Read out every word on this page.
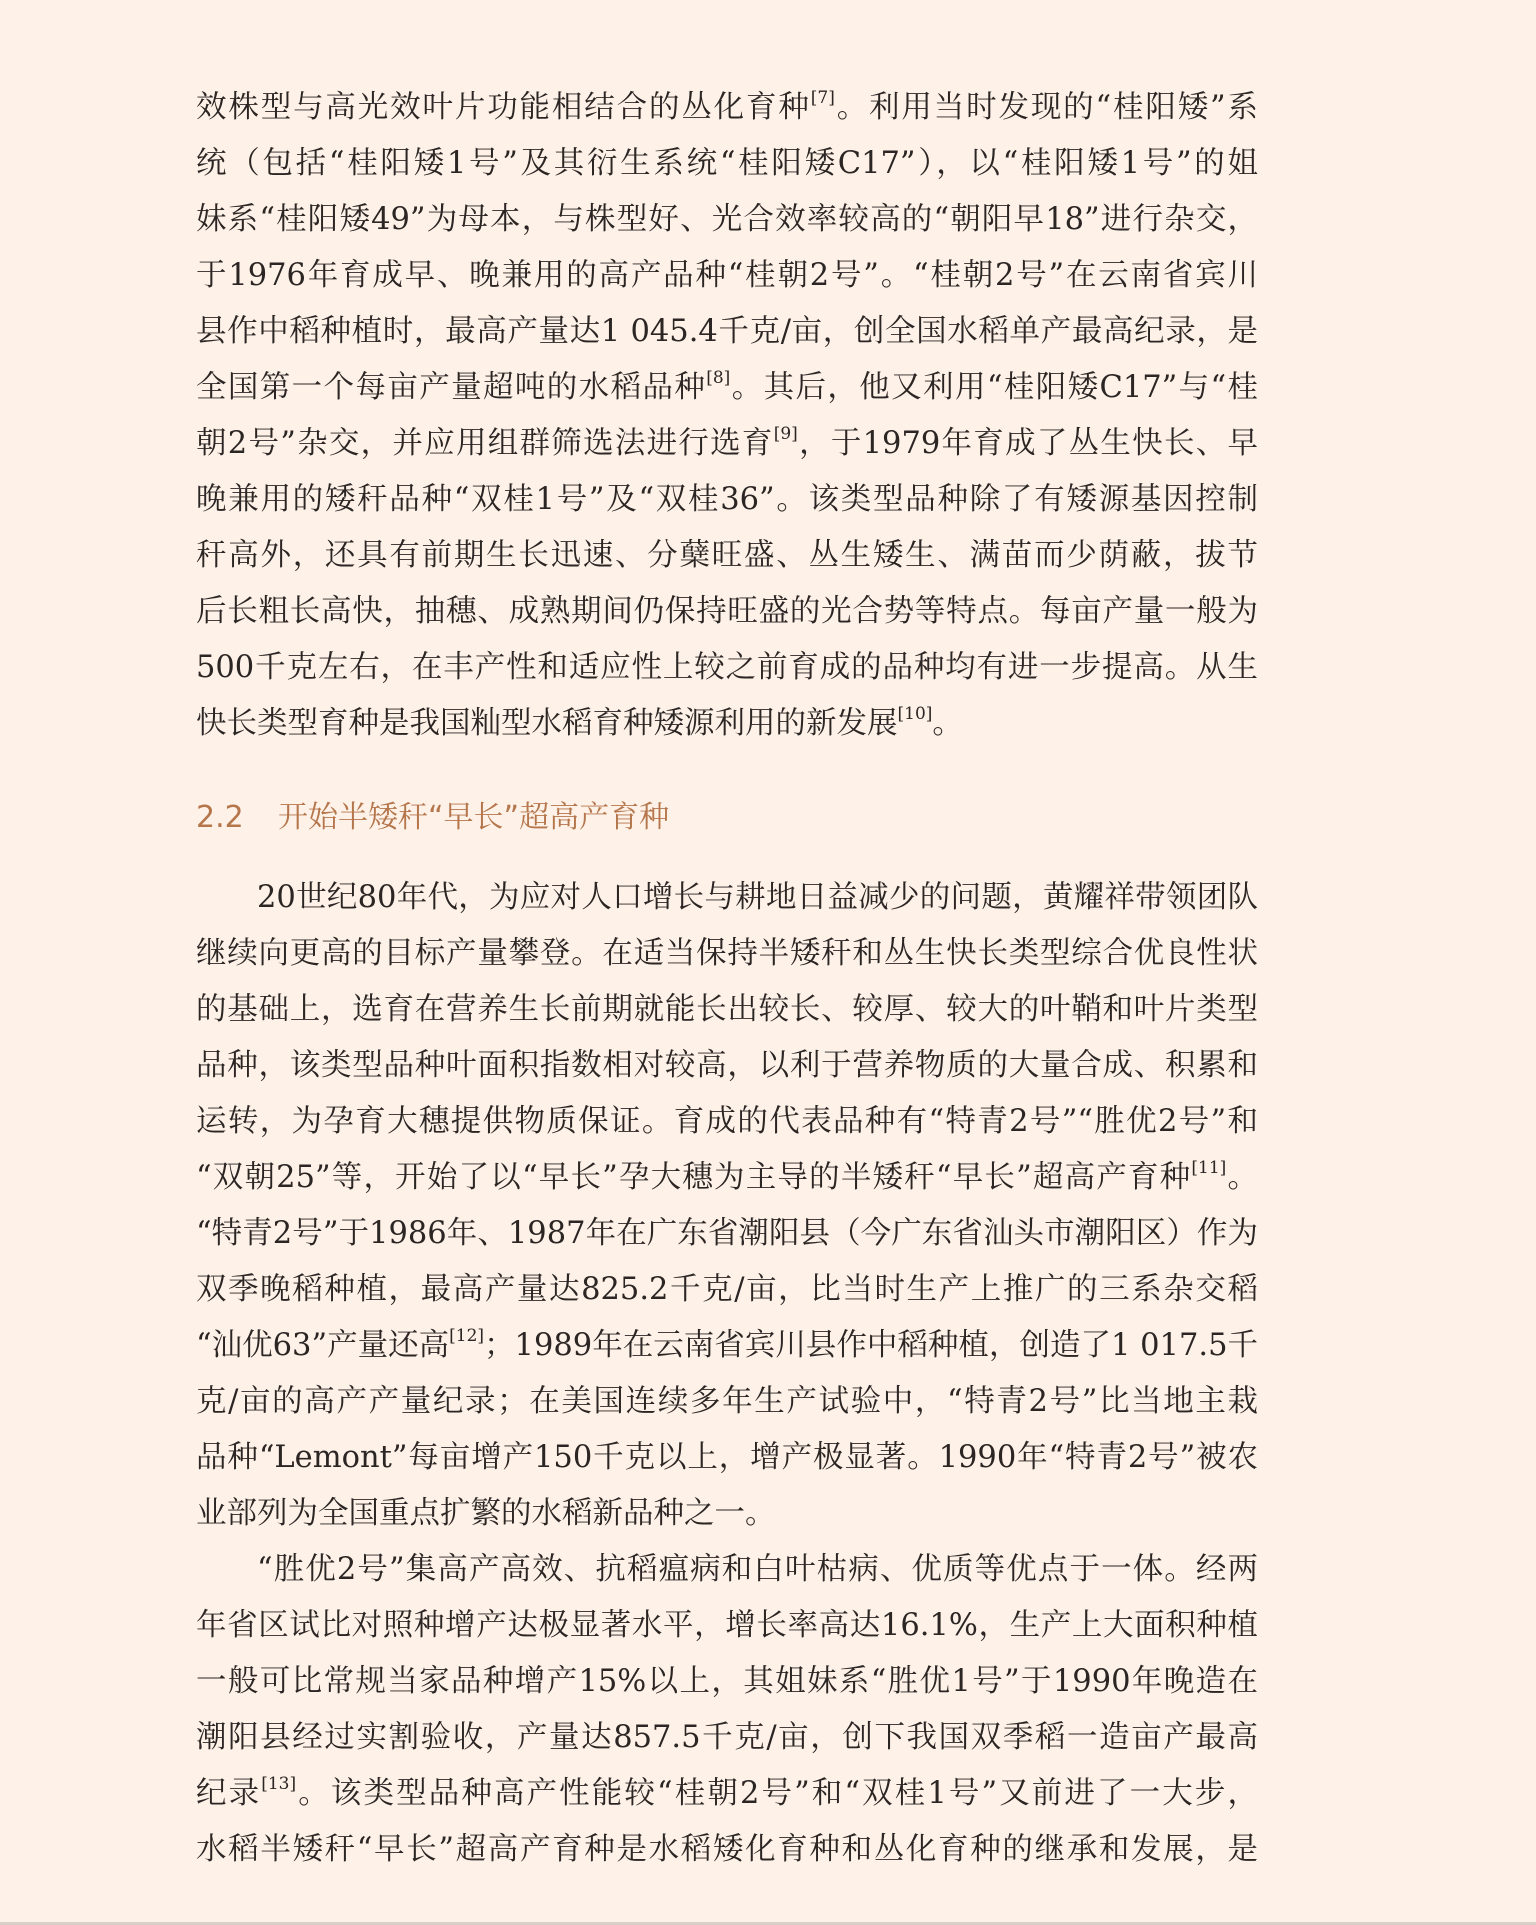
效株型与高光效叶片功能相结合的丛化育种[7]。利用当时发现的“桂阳矮”系
统（包括“桂阳矮1号”及其衍生系统“桂阳矮C17”），以“桂阳矮1号”的姐
妹系“桂阳矮49”为母本，与株型好、光合效率较高的“朝阳早18”进行杂交，
于1976年育成早、晚兼用的高产品种“桂朝2号”。“桂朝2号”在云南省宾川
县作中稻种植时，最高产量达1 045.4千克/亩，创全国水稻单产最高纪录，是
全国第一个每亩产量超吨的水稻品种[8]。其后，他又利用“桂阳矮C17”与“桂
朝2号”杂交，并应用组群筛选法进行选育[9]，于1979年育成了丛生快长、早
晚兼用的矮秆品种“双桂1号”及“双桂36”。该类型品种除了有矮源基因控制
秆高外，还具有前期生长迅速、分蘖旺盛、丛生矮生、满苗而少荫蔽，拔节
后长粗长高快，抽穗、成熟期间仍保持旺盛的光合势等特点。每亩产量一般为
500千克左右，在丰产性和适应性上较之前育成的品种均有进一步提高。从生
快长类型育种是我国籼型水稻育种矮源利用的新发展[10]。
2.2 开始半矮秆“早长”超高产育种
20世纪80年代，为应对人口增长与耕地日益减少的问题，黄耀祥带领团队
继续向更高的目标产量攀登。在适当保持半矮秆和丛生快长类型综合优良性状
的基础上，选育在营养生长前期就能长出较长、较厚、较大的叶鞘和叶片类型
品种，该类型品种叶面积指数相对较高，以利于营养物质的大量合成、积累和
运转，为孕育大穗提供物质保证。育成的代表品种有“特青2号”“胜优2号”和
“双朝25”等，开始了以“早长”孕大穗为主导的半矮秆“早长”超高产育种[11]。
“特青2号”于1986年、1987年在广东省潮阳县（今广东省汕头市潮阳区）作为
双季晚稻种植，最高产量达825.2千克/亩，比当时生产上推广的三系杂交稻
“汕优63”产量还高[12]；1989年在云南省宾川县作中稻种植，创造了1 017.5千
克/亩的高产产量纪录；在美国连续多年生产试验中，“特青2号”比当地主栽
品种“Lemont”每亩增产150千克以上，增产极显著。1990年“特青2号”被农
业部列为全国重点扩繁的水稻新品种之一。
“胜优2号”集高产高效、抗稻瘟病和白叶枯病、优质等优点于一体。经两
年省区试比对照种增产达极显著水平，增长率高达16.1%，生产上大面积种植
一般可比常规当家品种增产15%以上，其姐妹系“胜优1号”于1990年晚造在
潮阳县经过实割验收，产量达857.5千克/亩，创下我国双季稻一造亩产最高
纪录[13]。该类型品种高产性能较“桂朝2号”和“双桂1号”又前进了一大步，
水稻半矮秆“早长”超高产育种是水稻矮化育种和丛化育种的继承和发展，是
